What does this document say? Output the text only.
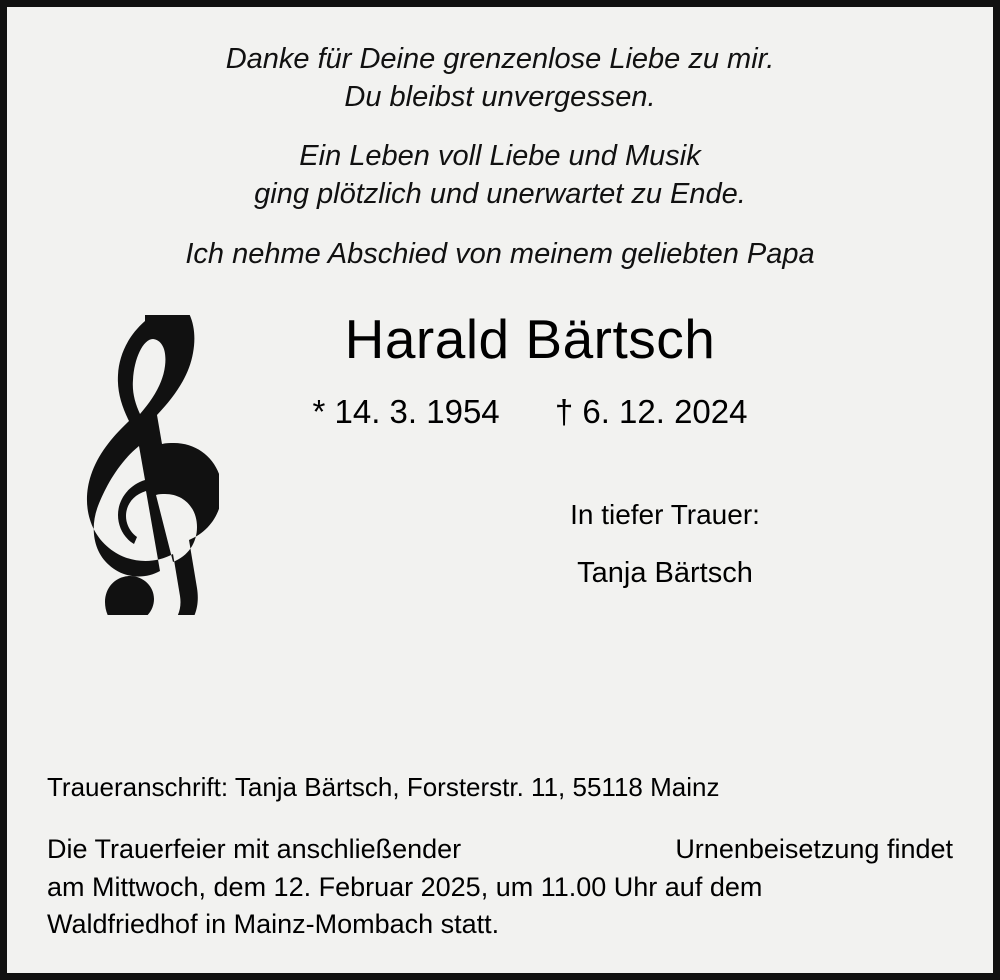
Danke für Deine grenzenlose Liebe zu mir.
Du bleibst unvergessen.
Ein Leben voll Liebe und Musik
ging plötzlich und unerwartet zu Ende.
Ich nehme Abschied von meinem geliebten Papa
Harald Bärtsch
* 14. 3. 1954 † 6. 12. 2024
In tiefer Trauer:
Tanja Bärtsch
Traueranschrift: Tanja Bärtsch, Forsterstr. 11, 55118 Mainz
Die Trauerfeier mit anschließender	Urnenbeisetzung findet
am Mittwoch, dem 12. Februar 2025, um 11.00 Uhr auf dem
Waldfriedhof in Mainz-Mombach statt.
